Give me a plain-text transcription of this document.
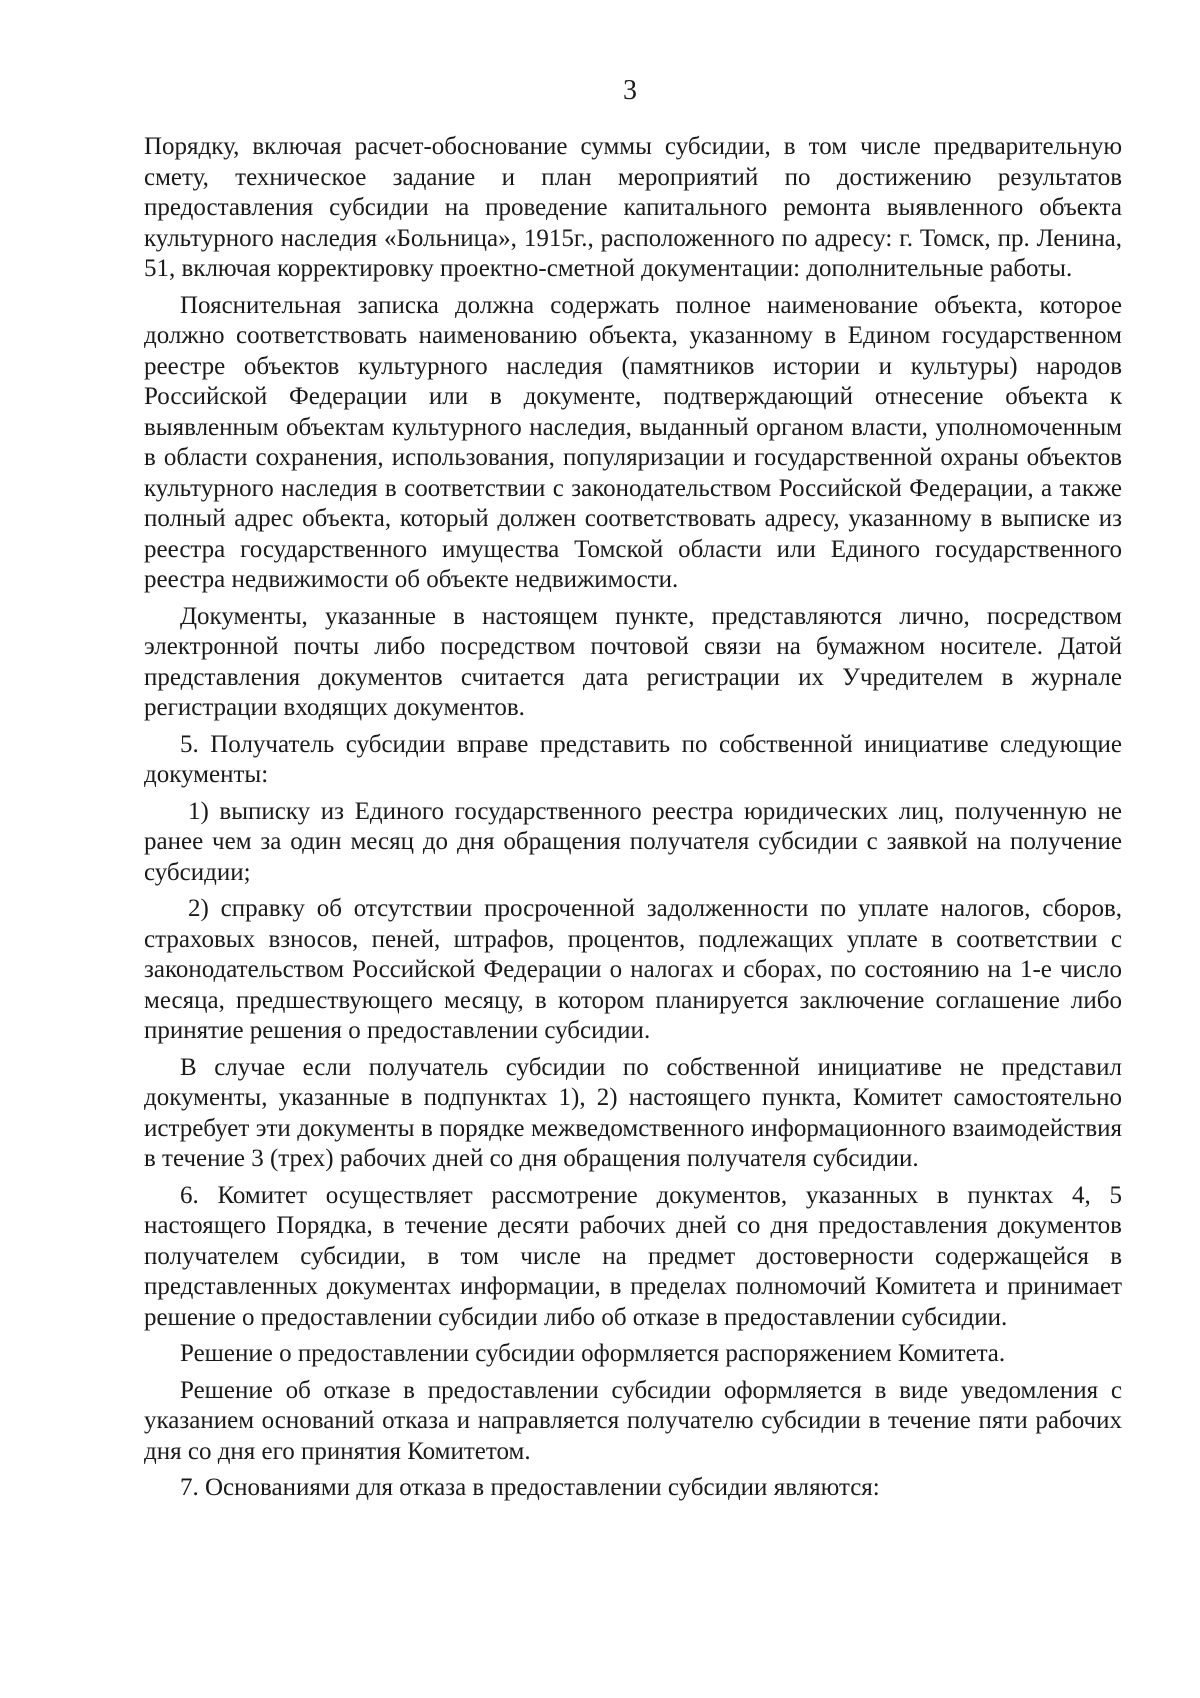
3

Порядку, включая расчет-обоснование суммы субсидии, в том числе предварительную смету, техническое задание и план мероприятий по достижению результатов предоставления субсидии на проведение капитального ремонта выявленного объекта культурного наследия «Больница», 1915г., расположенного по адресу: г. Томск, пр. Ленина, 51, включая корректировку проектно-сметной документации: дополнительные работы.

Пояснительная записка должна содержать полное наименование объекта, которое должно соответствовать наименованию объекта, указанному в Едином государственном реестре объектов культурного наследия (памятников истории и культуры) народов Российской Федерации или в документе, подтверждающий отнесение объекта к выявленным объектам культурного наследия, выданный органом власти, уполномоченным в области сохранения, использования, популяризации и государственной охраны объектов культурного наследия в соответствии с законодательством Российской Федерации, а также полный адрес объекта, который должен соответствовать адресу, указанному в выписке из реестра государственного имущества Томской области или Единого государственного реестра недвижимости об объекте недвижимости.

Документы, указанные в настоящем пункте, представляются лично, посредством электронной почты либо посредством почтовой связи на бумажном носителе. Датой представления документов считается дата регистрации их Учредителем в журнале регистрации входящих документов.

5. Получатель субсидии вправе представить по собственной инициативе следующие документы:

1) выписку из Единого государственного реестра юридических лиц, полученную не ранее чем за один месяц до дня обращения получателя субсидии с заявкой на получение субсидии;

2) справку об отсутствии просроченной задолженности по уплате налогов, сборов, страховых взносов, пеней, штрафов, процентов, подлежащих уплате в соответствии с законодательством Российской Федерации о налогах и сборах, по состоянию на 1-е число месяца, предшествующего месяцу, в котором планируется заключение соглашение либо принятие решения о предоставлении субсидии.

В случае если получатель субсидии по собственной инициативе не представил документы, указанные в подпунктах 1), 2) настоящего пункта, Комитет самостоятельно истребует эти документы в порядке межведомственного информационного взаимодействия в течение 3 (трех) рабочих дней со дня обращения получателя субсидии.

6. Комитет осуществляет рассмотрение документов, указанных в пунктах 4, 5 настоящего Порядка, в течение десяти рабочих дней со дня предоставления документов получателем субсидии, в том числе на предмет достоверности содержащейся в представленных документах информации, в пределах полномочий Комитета и принимает решение о предоставлении субсидии либо об отказе в предоставлении субсидии.

Решение о предоставлении субсидии оформляется распоряжением Комитета.

Решение об отказе в предоставлении субсидии оформляется в виде уведомления с указанием оснований отказа и направляется получателю субсидии в течение пяти рабочих дня со дня его принятия Комитетом.

7. Основаниями для отказа в предоставлении субсидии являются:
